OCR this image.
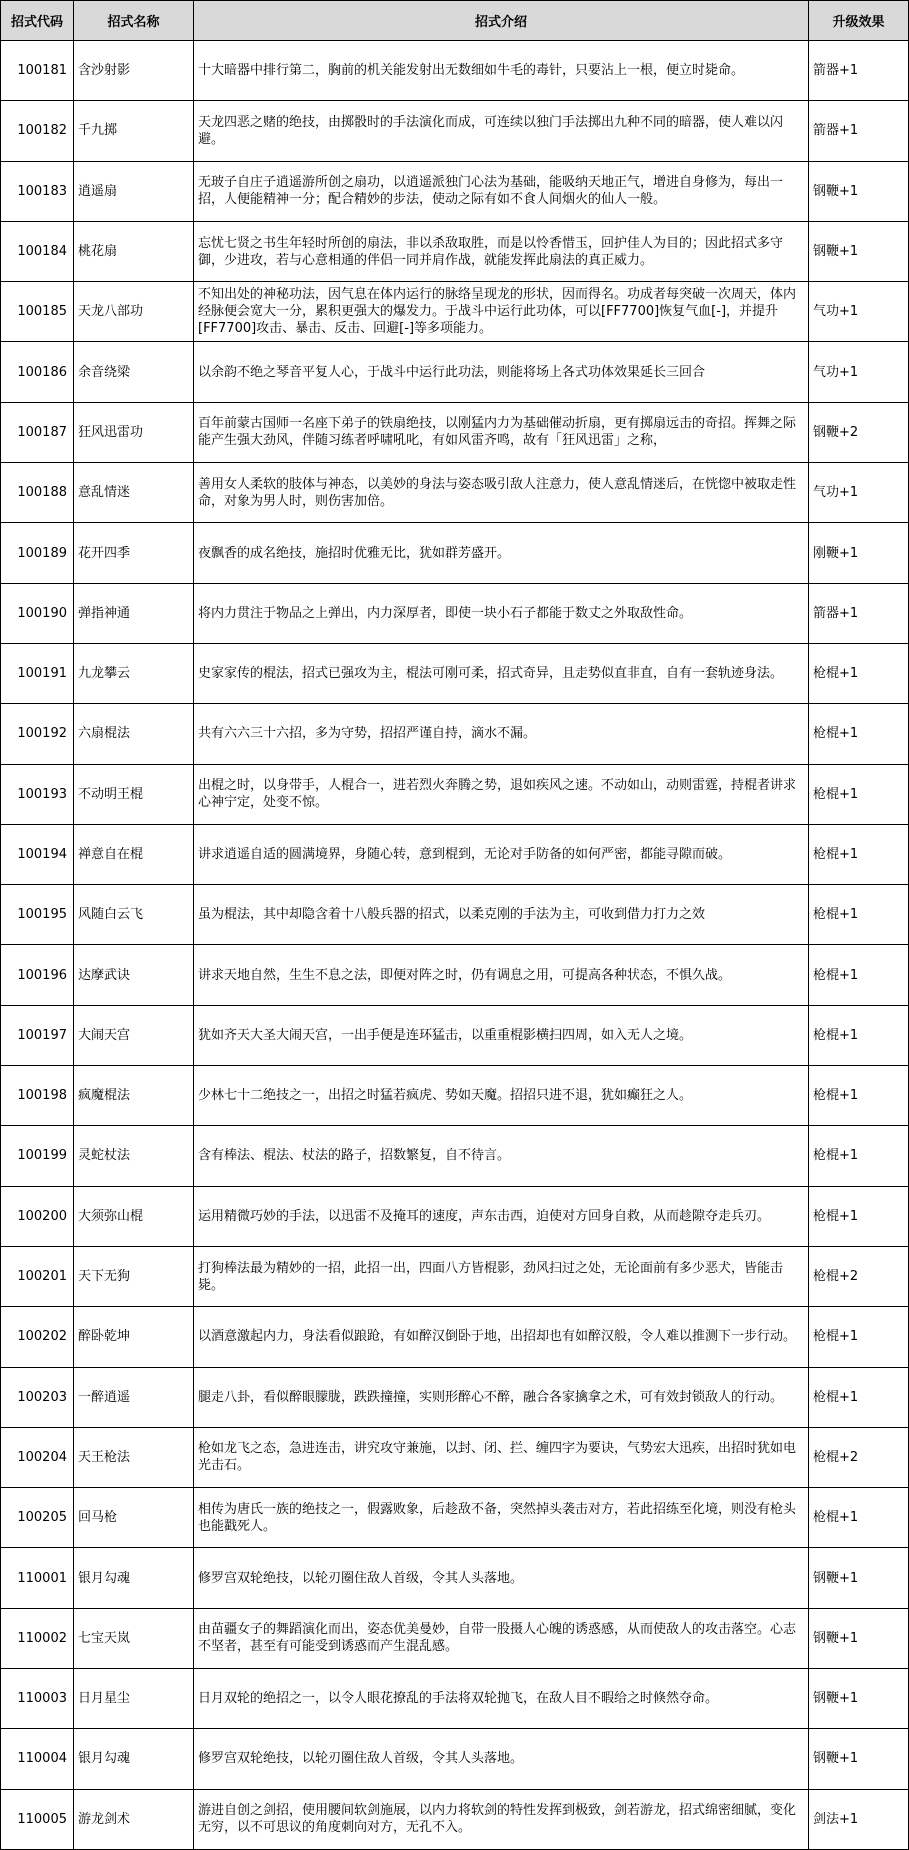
招式代码	招式名称	招式介绍	升级效果
100181	含沙射影	十大暗器中排行第二，胸前的机关能发射出无数细如牛毛的毒针，只要沾上一根，便立时毙命。	箭器+1
100182	千九掷	天龙四恶之赌的绝技，由掷骰时的手法演化而成，可连续以独门手法掷出九种不同的暗器，使人难以闪避。	箭器+1
100183	逍遥扇	无玻子自庄子逍遥游所创之扇功，以逍遥派独门心法为基础，能吸纳天地正气，增进自身修为，每出一招，人便能精神一分；配合精妙的步法，使动之际有如不食人间烟火的仙人一般。	钢鞭+1
100184	桃花扇	忘忧七贤之书生年轻时所创的扇法，非以杀敌取胜，而是以怜香惜玉，回护佳人为目的；因此招式多守御，少进攻，若与心意相通的伴侣一同并肩作战，就能发挥此扇法的真正威力。	钢鞭+1
100185	天龙八部功	不知出处的神秘功法，因气息在体内运行的脉络呈现龙的形状，因而得名。功成者每突破一次周天，体内经脉便会宽大一分，累积更强大的爆发力。于战斗中运行此功体，可以[FF7700]恢复气血[-]，并提升[FF7700]攻击、暴击、反击、回避[-]等多项能力。	气功+1
100186	余音绕梁	以余韵不绝之琴音平复人心，于战斗中运行此功法，则能将场上各式功体效果延长三回合	气功+1
100187	狂风迅雷功	百年前蒙古国师一名座下弟子的铁扇绝技，以刚猛内力为基础催动折扇，更有掷扇远击的奇招。挥舞之际能产生强大劲风，伴随习练者呼啸吼叱，有如风雷齐鸣，故有「狂风迅雷」之称，	钢鞭+2
100188	意乱情迷	善用女人柔软的肢体与神态，以美妙的身法与姿态吸引敌人注意力，使人意乱情迷后，在恍惚中被取走性命，对象为男人时，则伤害加倍。	气功+1
100189	花开四季	夜飘香的成名绝技，施招时优雅无比，犹如群芳盛开。	刚鞭+1
100190	弹指神通	将内力贯注于物品之上弹出，内力深厚者，即使一块小石子都能于数丈之外取敌性命。	箭器+1
100191	九龙攀云	史家家传的棍法，招式已强攻为主，棍法可刚可柔，招式奇异，且走势似直非直，自有一套轨迹身法。	枪棍+1
100192	六扇棍法	共有六六三十六招，多为守势，招招严谨自持，滴水不漏。	枪棍+1
100193	不动明王棍	出棍之时，以身带手，人棍合一，进若烈火奔腾之势，退如疾风之速。不动如山，动则雷霆，持棍者讲求心神宁定，处变不惊。	枪棍+1
100194	禅意自在棍	讲求逍遥自适的圆满境界，身随心转，意到棍到，无论对手防备的如何严密，都能寻隙而破。	枪棍+1
100195	风随白云飞	虽为棍法，其中却隐含着十八般兵器的招式，以柔克刚的手法为主，可收到借力打力之效	枪棍+1
100196	达摩武诀	讲求天地自然，生生不息之法，即便对阵之时，仍有调息之用，可提高各种状态，不惧久战。	枪棍+1
100197	大闹天宫	犹如齐天大圣大闹天宫，一出手便是连环猛击，以重重棍影横扫四周，如入无人之境。	枪棍+1
100198	疯魔棍法	少林七十二绝技之一，出招之时猛若疯虎、势如天魔。招招只进不退，犹如癫狂之人。	枪棍+1
100199	灵蛇杖法	含有棒法、棍法、杖法的路子，招数繁复，自不待言。	枪棍+1
100200	大须弥山棍	运用精微巧妙的手法，以迅雷不及掩耳的速度，声东击西，迫使对方回身自救，从而趁隙夺走兵刃。	枪棍+1
100201	天下无狗	打狗棒法最为精妙的一招，此招一出，四面八方皆棍影，劲风扫过之处，无论面前有多少恶犬，皆能击毙。	枪棍+2
100202	醉卧乾坤	以酒意激起内力，身法看似踉跄，有如醉汉倒卧于地，出招却也有如醉汉般，令人难以推测下一步行动。	枪棍+1
100203	一醉逍遥	腿走八卦，看似醉眼朦胧，跌跌撞撞，实则形醉心不醉，融合各家擒拿之术，可有效封锁敌人的行动。	枪棍+1
100204	天王枪法	枪如龙飞之态，急进连击，讲究攻守兼施，以封、闭、拦、缠四字为要诀，气势宏大迅疾，出招时犹如电光击石。	枪棍+2
100205	回马枪	相传为唐氏一族的绝技之一，假露败象，后趁敌不备，突然掉头袭击对方，若此招练至化境，则没有枪头也能戳死人。	枪棍+1
110001	银月勾魂	修罗宫双轮绝技，以轮刃圈住敌人首级，令其人头落地。	钢鞭+1
110002	七宝天岚	由苗疆女子的舞蹈演化而出，姿态优美曼妙，自带一股摄人心魄的诱惑感，从而使敌人的攻击落空。心志不坚者，甚至有可能受到诱惑而产生混乱感。	钢鞭+1
110003	日月星尘	日月双轮的绝招之一，以令人眼花撩乱的手法将双轮抛飞，在敌人目不暇给之时倏然夺命。	钢鞭+1
110004	银月勾魂	修罗宫双轮绝技，以轮刃圈住敌人首级，令其人头落地。	钢鞭+1
110005	游龙剑术	游进自创之剑招，使用腰间软剑施展，以内力将软剑的特性发挥到极致，剑若游龙，招式绵密细腻，变化无穷，以不可思议的角度刺向对方，无孔不入。	剑法+1
